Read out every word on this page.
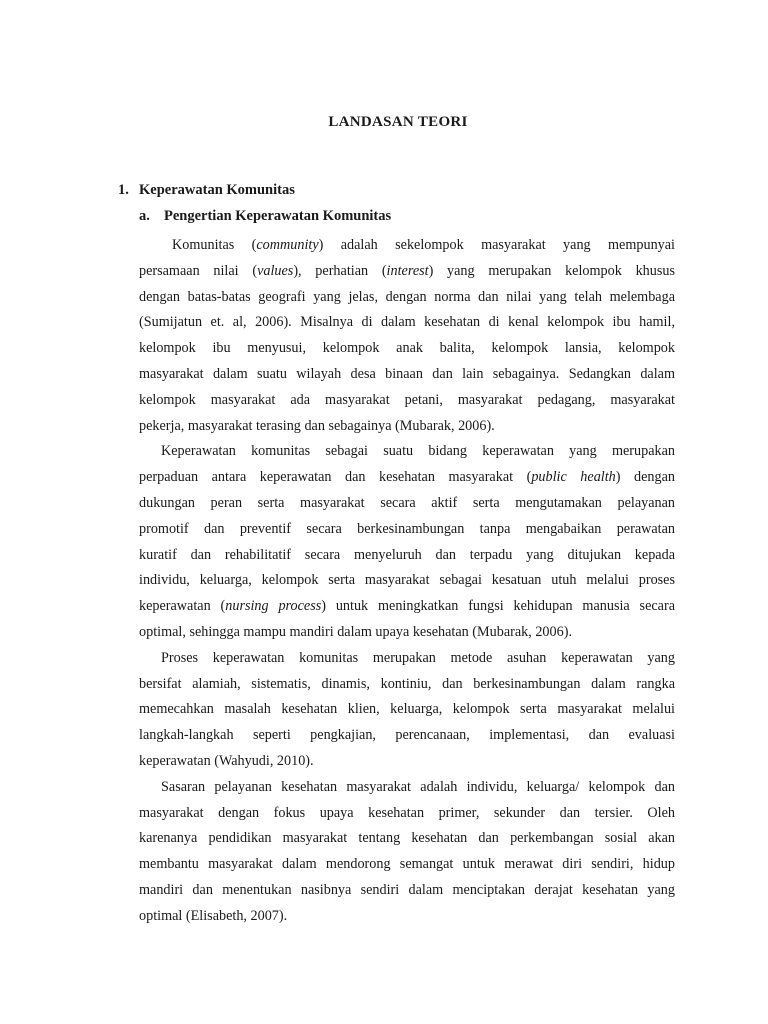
LANDASAN TEORI
1. Keperawatan Komunitas
a. Pengertian Keperawatan Komunitas

Komunitas (community) adalah sekelompok masyarakat yang mempunyai

persamaan nilai (values), perhatian (interest) yang merupakan kelompok khusus

dengan batas-batas geografi yang jelas, dengan norma dan nilai yang telah melembaga

(Sumijatun et. al, 2006). Misalnya di dalam kesehatan di kenal kelompok ibu hamil,

kelompok ibu menyusui, kelompok anak balita, kelompok lansia, kelompok

masyarakat dalam suatu wilayah desa binaan dan lain sebagainya. Sedangkan dalam

kelompok masyarakat ada masyarakat petani, masyarakat pedagang, masyarakat

pekerja, masyarakat terasing dan sebagainya (Mubarak, 2006).

Keperawatan komunitas sebagai suatu bidang keperawatan yang merupakan

perpaduan antara keperawatan dan kesehatan masyarakat (public health) dengan

dukungan peran serta masyarakat secara aktif serta mengutamakan pelayanan

promotif dan preventif secara berkesinambungan tanpa mengabaikan perawatan

kuratif dan rehabilitatif secara menyeluruh dan terpadu yang ditujukan kepada

individu, keluarga, kelompok serta masyarakat sebagai kesatuan utuh melalui proses

keperawatan (nursing process) untuk meningkatkan fungsi kehidupan manusia secara

optimal, sehingga mampu mandiri dalam upaya kesehatan (Mubarak, 2006).

Proses keperawatan komunitas merupakan metode asuhan keperawatan yang

bersifat alamiah, sistematis, dinamis, kontiniu, dan berkesinambungan dalam rangka

memecahkan masalah kesehatan klien, keluarga, kelompok serta masyarakat melalui

langkah-langkah seperti pengkajian, perencanaan, implementasi, dan evaluasi

keperawatan (Wahyudi, 2010).

Sasaran pelayanan kesehatan masyarakat adalah individu, keluarga/ kelompok dan

masyarakat dengan fokus upaya kesehatan primer, sekunder dan tersier. Oleh

karenanya pendidikan masyarakat tentang kesehatan dan perkembangan sosial akan

membantu masyarakat dalam mendorong semangat untuk merawat diri sendiri, hidup

mandiri dan menentukan nasibnya sendiri dalam menciptakan derajat kesehatan yang

optimal (Elisabeth, 2007).
